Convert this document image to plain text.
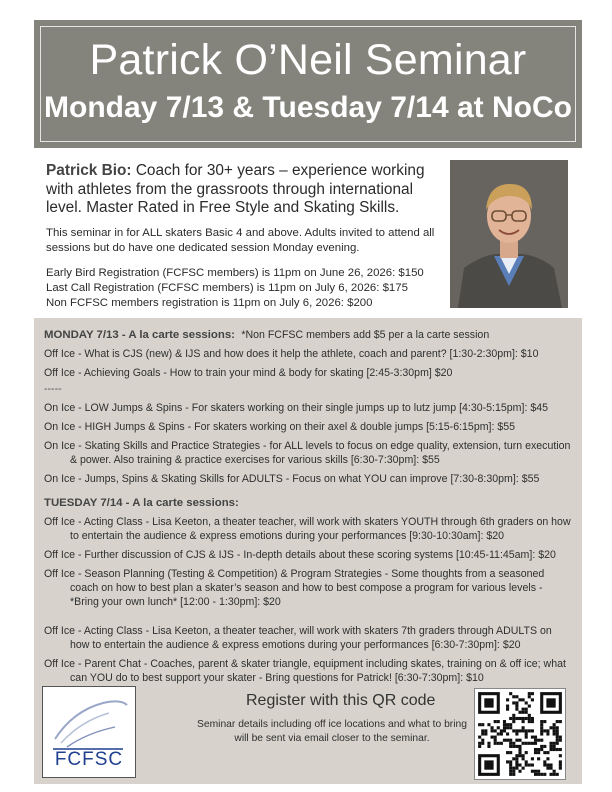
Patrick O’Neil Seminar
Monday 7/13 & Tuesday 7/14 at NoCo
Patrick Bio: Coach for 30+ years – experience working with athletes from the grassroots through international level. Master Rated in Free Style and Skating Skills.
This seminar in for ALL skaters Basic 4 and above. Adults invited to attend all sessions but do have one dedicated session Monday evening.
Early Bird Registration (FCFSC members) is 11pm on June 26, 2026: $150
Last Call Registration (FCFSC members) is 11pm on July 6, 2026: $175
Non FCFSC members registration is 11pm on July 6, 2026: $200
MONDAY 7/13 - A la carte sessions: *Non FCFSC members add $5 per a la carte session
Off Ice - What is CJS (new) & IJS and how does it help the athlete, coach and parent? [1:30-2:30pm]: $10
Off Ice - Achieving Goals - How to train your mind & body for skating [2:45-3:30pm] $20
-----
On Ice - LOW Jumps & Spins - For skaters working on their single jumps up to lutz jump [4:30-5:15pm]: $45
On Ice - HIGH Jumps & Spins - For skaters working on their axel & double jumps [5:15-6:15pm]: $55
On Ice - Skating Skills and Practice Strategies - for ALL levels to focus on edge quality, extension, turn execution & power. Also training & practice exercises for various skills [6:30-7:30pm]: $55
On Ice - Jumps, Spins & Skating Skills for ADULTS - Focus on what YOU can improve [7:30-8:30pm]: $55
TUESDAY 7/14 - A la carte sessions:
Off Ice - Acting Class - Lisa Keeton, a theater teacher, will work with skaters YOUTH through 6th graders on how to entertain the audience & express emotions during your performances [9:30-10:30am]: $20
Off Ice - Further discussion of CJS & IJS - In-depth details about these scoring systems [10:45-11:45am]: $20
Off Ice - Season Planning (Testing & Competition) & Program Strategies - Some thoughts from a seasoned coach on how to best plan a skater’s season and how to best compose a program for various levels - *Bring your own lunch* [12:00 - 1:30pm]: $20
Off Ice - Acting Class - Lisa Keeton, a theater teacher, will work with skaters 7th graders through ADULTS on how to entertain the audience & express emotions during your performances [6:30-7:30pm]: $20
Off Ice - Parent Chat - Coaches, parent & skater triangle, equipment including skates, training on & off ice; what can YOU do to best support your skater - Bring questions for Patrick! [6:30-7:30pm]: $10
FCFSC
Register with this QR code
Seminar details including off ice locations and what to bring will be sent via email closer to the seminar.
